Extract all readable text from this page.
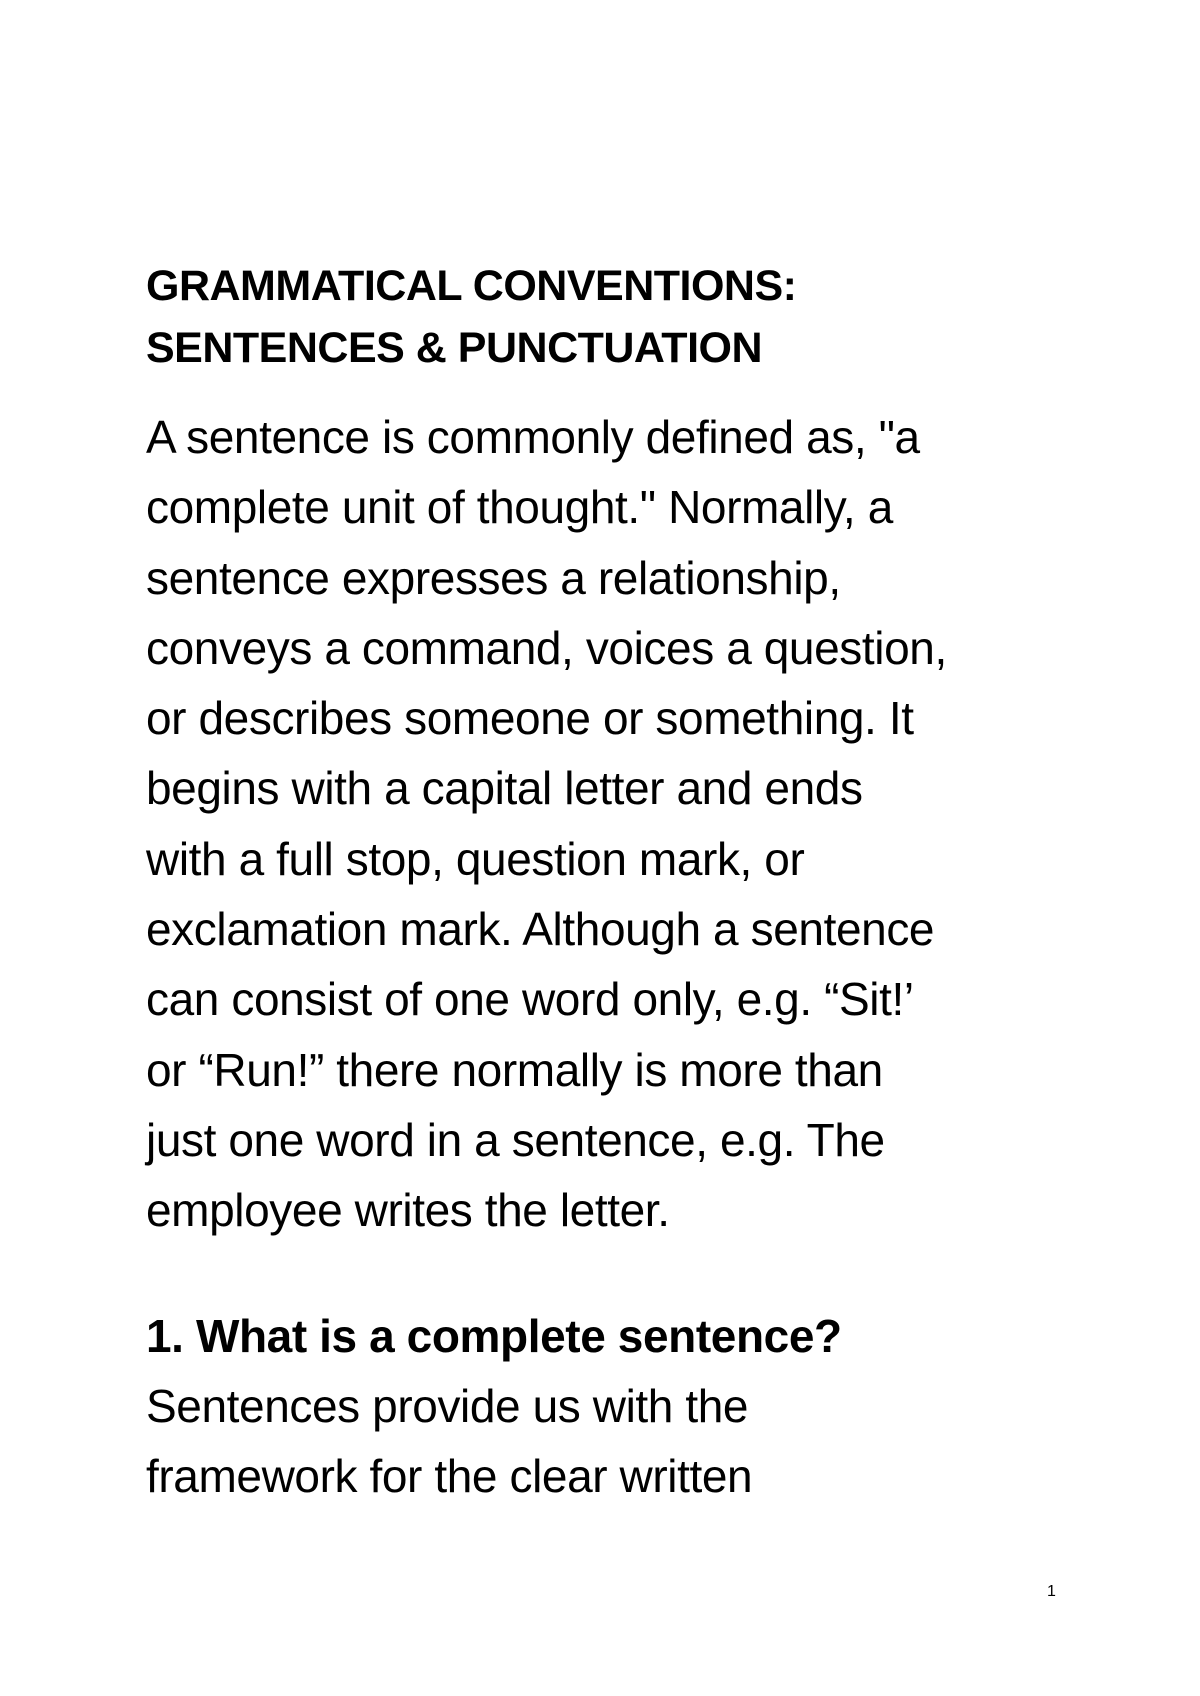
GRAMMATICAL CONVENTIONS:
SENTENCES & PUNCTUATION

A sentence is commonly defined as, "a
complete unit of thought." Normally, a
sentence expresses a relationship,
conveys a command, voices a question,
or describes someone or something. It
begins with a capital letter and ends
with a full stop, question mark, or
exclamation mark. Although a sentence
can consist of one word only, e.g. “Sit!’
or “Run!” there normally is more than
just one word in a sentence, e.g. The
employee writes the letter.

1. What is a complete sentence?

Sentences provide us with the
framework for the clear written

1
